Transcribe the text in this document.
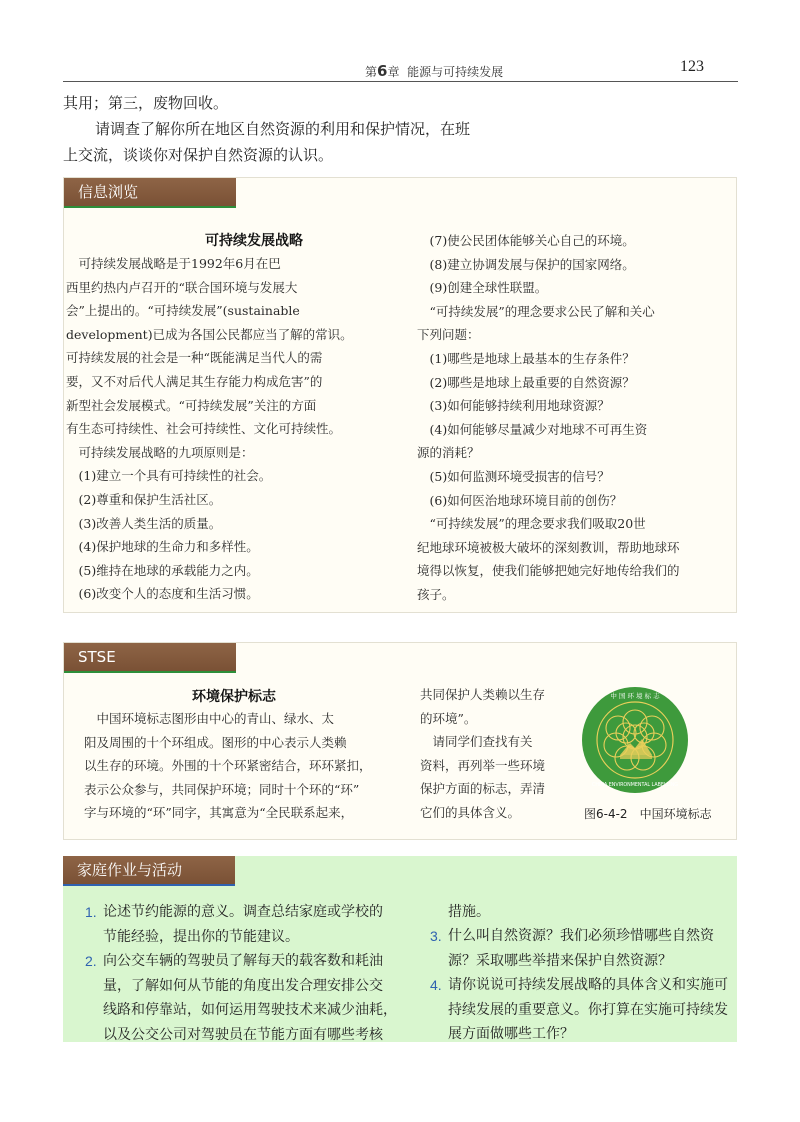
第6章 能源与可持续发展	123
其用；第三，废物回收。
请调查了解你所在地区自然资源的利用和保护情况，在班
上交流，谈谈你对保护自然资源的认识。
信息浏览
可持续发展战略
　可持续发展战略是于1992年6月在巴
西里约热内卢召开的“联合国环境与发展大
会”上提出的。“可持续发展”(sustainable
development)已成为各国公民都应当了解的常识。
可持续发展的社会是一种“既能满足当代人的需
要，又不对后代人满足其生存能力构成危害”的
新型社会发展模式。“可持续发展”关注的方面
有生态可持续性、社会可持续性、文化可持续性。
　可持续发展战略的九项原则是：
　(1)建立一个具有可持续性的社会。
　(2)尊重和保护生活社区。
　(3)改善人类生活的质量。
　(4)保护地球的生命力和多样性。
　(5)维持在地球的承载能力之内。
　(6)改变个人的态度和生活习惯。
　(7)使公民团体能够关心自己的环境。
　(8)建立协调发展与保护的国家网络。
　(9)创建全球性联盟。
　“可持续发展”的理念要求公民了解和关心
下列问题：
　(1)哪些是地球上最基本的生存条件？
　(2)哪些是地球上最重要的自然资源？
　(3)如何能够持续利用地球资源？
　(4)如何能够尽量减少对地球不可再生资
源的消耗？
　(5)如何监测环境受损害的信号？
　(6)如何医治地球环境目前的创伤？
　“可持续发展”的理念要求我们吸取20世
纪地球环境被极大破坏的深刻教训，帮助地球环
境得以恢复，使我们能够把她完好地传给我们的
孩子。
STSE
环境保护标志
　中国环境标志图形由中心的青山、绿水、太
阳及周围的十个环组成。图形的中心表示人类赖
以生存的环境。外围的十个环紧密结合，环环紧扣，
表示公众参与，共同保护环境；同时十个环的“环”
字与环境的“环”同字，其寓意为“全民联系起来，
共同保护人类赖以生存
的环境”。
　请同学们查找有关
资料，再列举一些环境
保护方面的标志，弄清
它们的具体含义。
中 国 环 境 标 志
CHINA ENVIRONMENTAL LABELLING
图6-4-2　中国环境标志
家庭作业与活动
1. 论述节约能源的意义。调查总结家庭或学校的
节能经验，提出你的节能建议。
2. 向公交车辆的驾驶员了解每天的载客数和耗油
量，了解如何从节能的角度出发合理安排公交
线路和停靠站，如何运用驾驶技术来减少油耗，
以及公交公司对驾驶员在节能方面有哪些考核
措施。
3. 什么叫自然资源？我们必须珍惜哪些自然资
源？采取哪些举措来保护自然资源？
4. 请你说说可持续发展战略的具体含义和实施可
持续发展的重要意义。你打算在实施可持续发
展方面做哪些工作？
